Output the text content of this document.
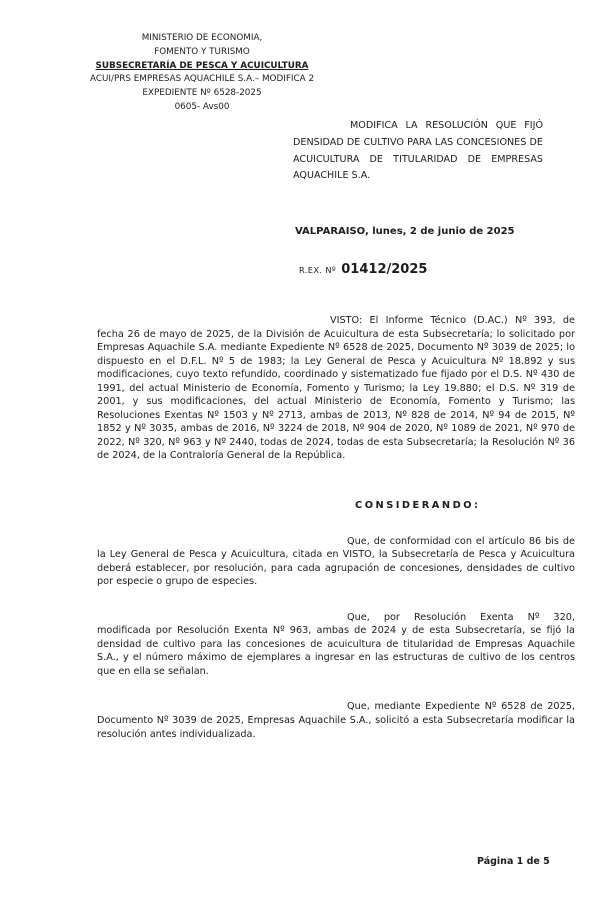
MINISTERIO DE ECONOMIA,
FOMENTO Y TURISMO
SUBSECRETARÍA DE PESCA Y ACUICULTURA
ACUI/PRS EMPRESAS AQUACHILE S.A.– MODIFICA 2
EXPEDIENTE Nº 6528-2025
0605- Avs00
MODIFICA LA RESOLUCIÓN QUE FIJÓ DENSIDAD DE CULTIVO PARA LAS CONCESIONES DE ACUICULTURA DE TITULARIDAD DE EMPRESAS AQUACHILE S.A.
VALPARAISO, lunes, 2 de junio de 2025
R.EX. Nº 01412/2025

VISTO: El Informe Técnico (D.AC.) Nº 393, de fecha 26 de mayo de 2025, de la División de Acuicultura de esta Subsecretaría; lo solicitado por Empresas Aquachile S.A. mediante Expediente Nº 6528 de 2025, Documento Nº 3039 de 2025; lo dispuesto en el D.F.L. Nº 5 de 1983; la Ley General de Pesca y Acuicultura Nº 18.892 y sus modificaciones, cuyo texto refundido, coordinado y sistematizado fue fijado por el D.S. Nº 430 de 1991, del actual Ministerio de Economía, Fomento y Turismo; la Ley 19.880; el D.S. Nº 319 de 2001, y sus modificaciones, del actual Ministerio de Economía, Fomento y Turismo; las Resoluciones Exentas Nº 1503 y Nº 2713, ambas de 2013, Nº 828 de 2014, Nº 94 de 2015, Nº 1852 y Nº 3035, ambas de 2016, Nº 3224 de 2018, Nº 904 de 2020, Nº 1089 de 2021, Nº 970 de 2022, Nº 320, Nº 963 y Nº 2440, todas de 2024, todas de esta Subsecretaría; la Resolución Nº 36 de 2024, de la Contraloría General de la República.

CONSIDERANDO:

Que, de conformidad con el artículo 86 bis de la Ley General de Pesca y Acuicultura, citada en VISTO, la Subsecretaría de Pesca y Acuicultura deberá establecer, por resolución, para cada agrupación de concesiones, densidades de cultivo por especie o grupo de especies.

Que, por Resolución Exenta Nº 320, modificada por Resolución Exenta Nº 963, ambas de 2024 y de esta Subsecretaría, se fijó la densidad de cultivo para las concesiones de acuicultura de titularidad de Empresas Aquachile S.A., y el número máximo de ejemplares a ingresar en las estructuras de cultivo de los centros que en ella se señalan.

Que, mediante Expediente Nº 6528 de 2025, Documento Nº 3039 de 2025, Empresas Aquachile S.A., solicitó a esta Subsecretaría modificar la resolución antes individualizada.

Página 1 de 5
